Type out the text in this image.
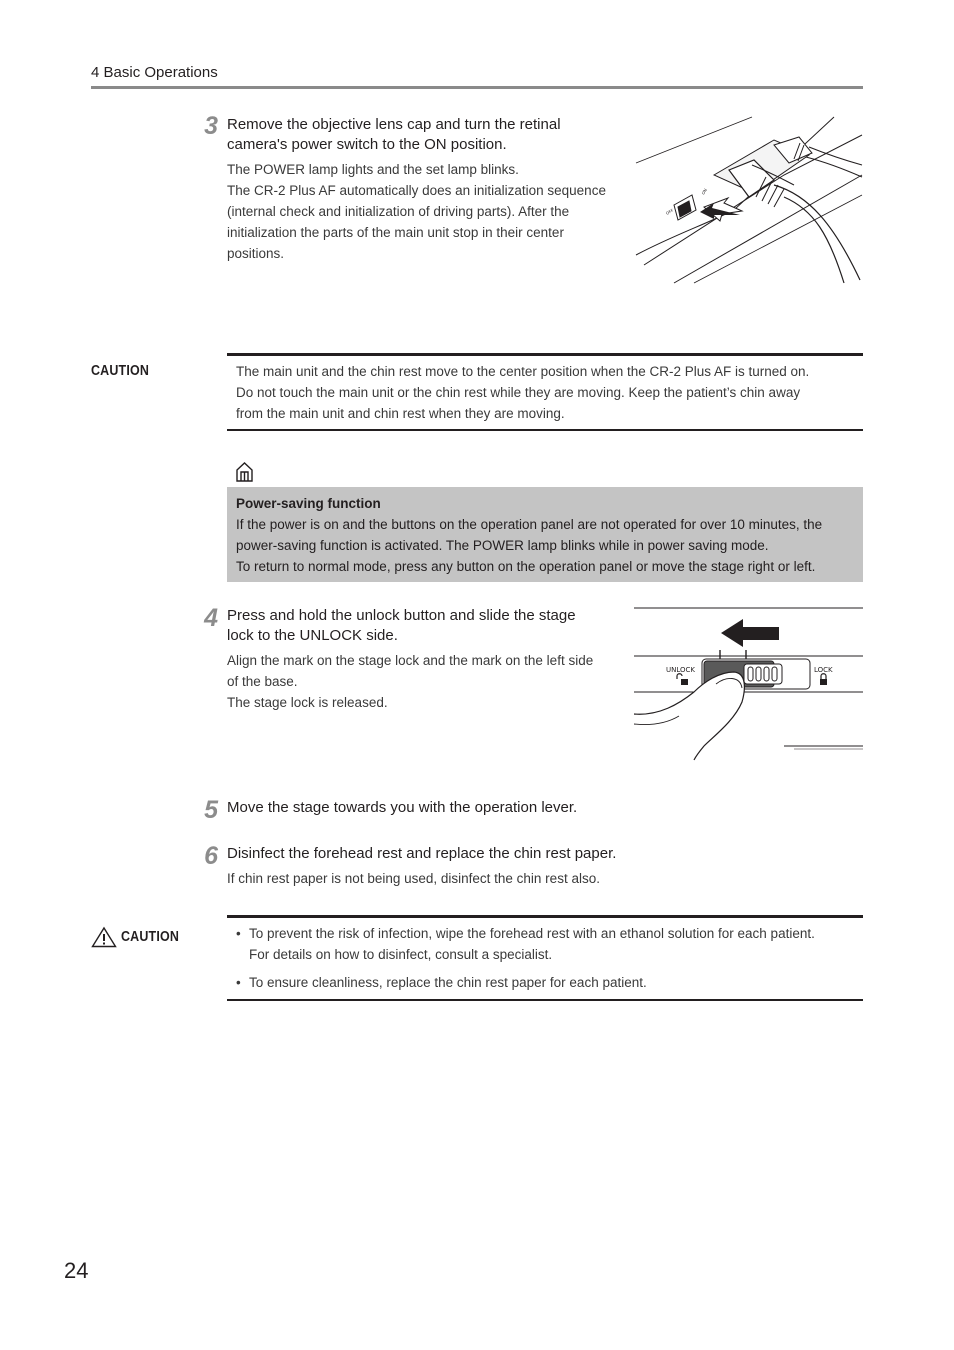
4 Basic Operations
3 Remove the objective lens cap and turn the retinal
camera's power switch to the ON position.
The POWER lamp lights and the set lamp blinks.
The CR-2 Plus AF automatically does an initialization sequence
(internal check and initialization of driving parts). After the
initialization the parts of the main unit stop in their center
positions.
OFF
ON
CAUTION	The main unit and the chin rest move to the center position when the CR-2 Plus AF is turned on.
Do not touch the main unit or the chin rest while they are moving. Keep the patient’s chin away
from the main unit and chin rest when they are moving.
Power-saving function
If the power is on and the buttons on the operation panel are not operated for over 10 minutes, the
power-saving function is activated. The POWER lamp blinks while in power saving mode.
To return to normal mode, press any button on the operation panel or move the stage right or left.
4 Press and hold the unlock button and slide the stage
lock to the UNLOCK side.
Align the mark on the stage lock and the mark on the left side
of the base.
The stage lock is released.
UNLOCK	LOCK
5 Move the stage towards you with the operation lever.
6 Disinfect the forehead rest and replace the chin rest paper.
If chin rest paper is not being used, disinfect the chin rest also.
CAUTION	• To prevent the risk of infection, wipe the forehead rest with an ethanol solution for each patient.
For details on how to disinfect, consult a specialist.
• To ensure cleanliness, replace the chin rest paper for each patient.
24
